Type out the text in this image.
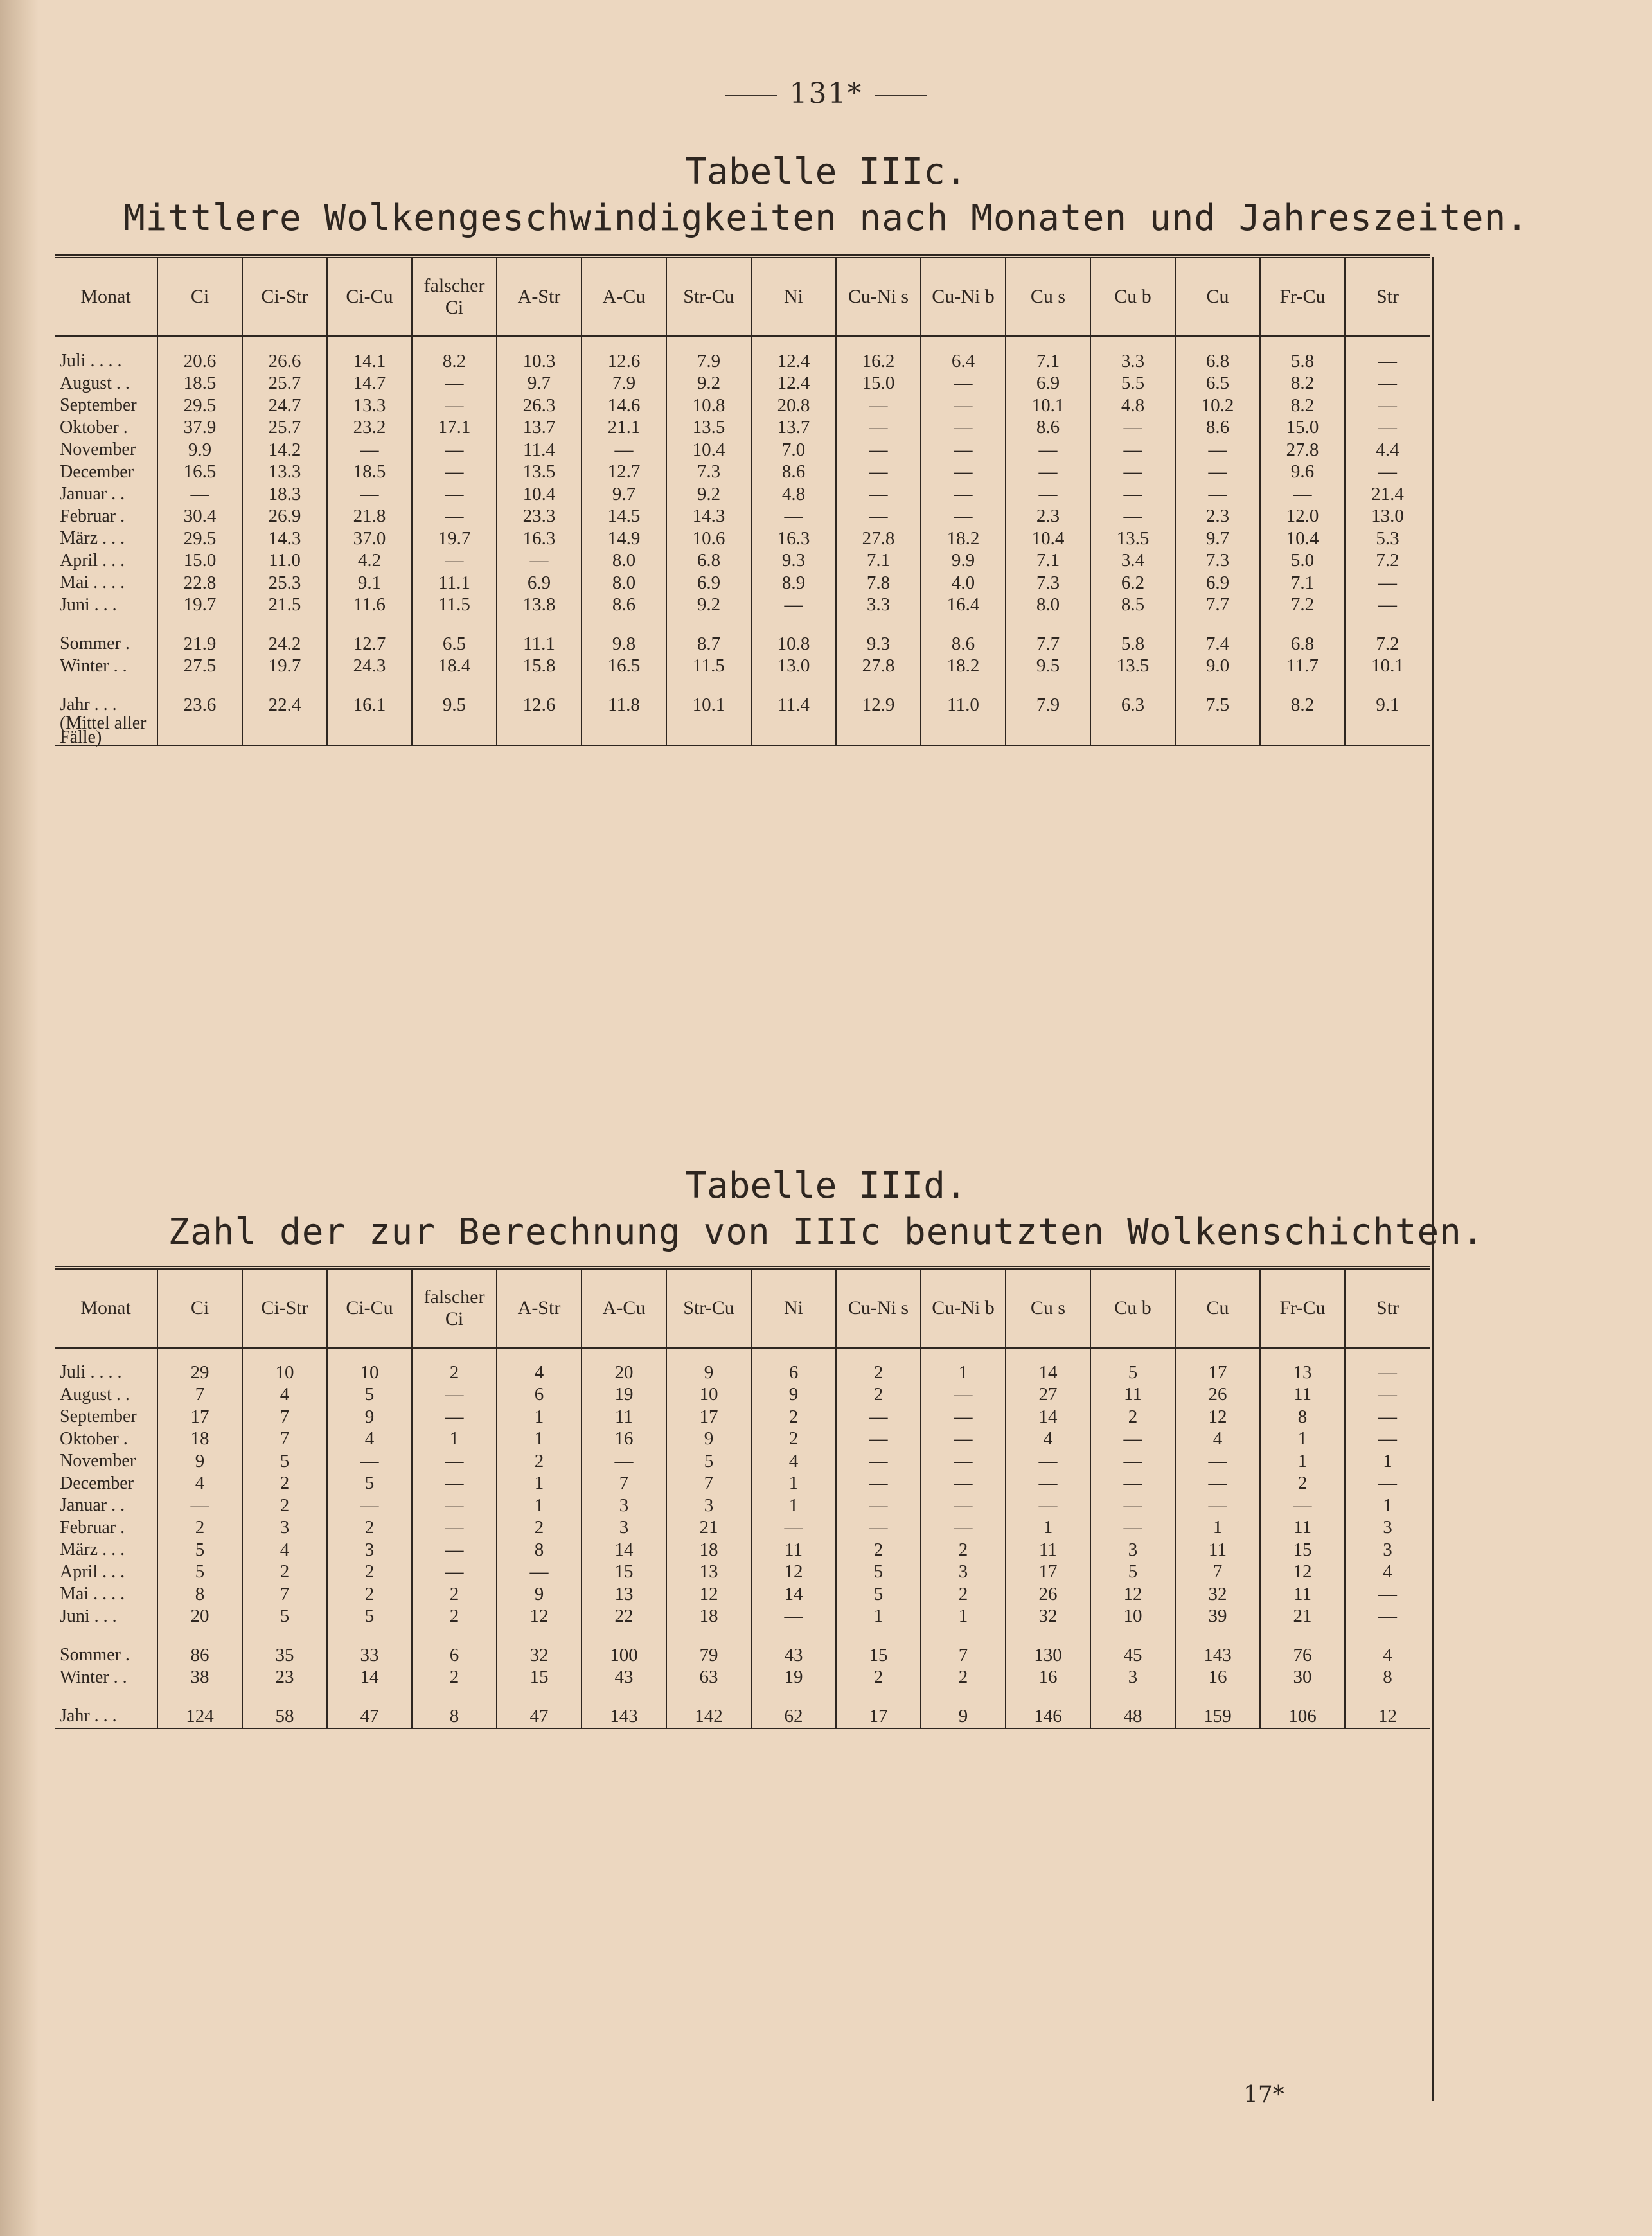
131*
Tabelle IIIc.
Mittlere Wolkengeschwindigkeiten nach Monaten und Jahreszeiten.
Monat	Ci	Ci-Str	Ci-Cu	falscher Ci	A-Str	A-Cu	Str-Cu	Ni	Cu-Ni s	Cu-Ni b	Cu s	Cu b	Cu	Fr-Cu	Str
Juli . . . .	20.6	26.6	14.1	8.2	10.3	12.6	7.9	12.4	16.2	6.4	7.1	3.3	6.8	5.8	—
August . .	18.5	25.7	14.7	—	9.7	7.9	9.2	12.4	15.0	—	6.9	5.5	6.5	8.2	—
September	29.5	24.7	13.3	—	26.3	14.6	10.8	20.8	—	—	10.1	4.8	10.2	8.2	—
Oktober .	37.9	25.7	23.2	17.1	13.7	21.1	13.5	13.7	—	—	8.6	—	8.6	15.0	—
November	9.9	14.2	—	—	11.4	—	10.4	7.0	—	—	—	—	—	27.8	4.4
December	16.5	13.3	18.5	—	13.5	12.7	7.3	8.6	—	—	—	—	—	9.6	—
Januar . .	—	18.3	—	—	10.4	9.7	9.2	4.8	—	—	—	—	—	—	21.4
Februar .	30.4	26.9	21.8	—	23.3	14.5	14.3	—	—	—	2.3	—	2.3	12.0	13.0
März . . .	29.5	14.3	37.0	19.7	16.3	14.9	10.6	16.3	27.8	18.2	10.4	13.5	9.7	10.4	5.3
April . . .	15.0	11.0	4.2	—	—	8.0	6.8	9.3	7.1	9.9	7.1	3.4	7.3	5.0	7.2
Mai . . . .	22.8	25.3	9.1	11.1	6.9	8.0	6.9	8.9	7.8	4.0	7.3	6.2	6.9	7.1	—
Juni . . .	19.7	21.5	11.6	11.5	13.8	8.6	9.2	—	3.3	16.4	8.0	8.5	7.7	7.2	—

Sommer .	21.9	24.2	12.7	6.5	11.1	9.8	8.7	10.8	9.3	8.6	7.7	5.8	7.4	6.8	7.2
Winter . .	27.5	19.7	24.3	18.4	15.8	16.5	11.5	13.0	27.8	18.2	9.5	13.5	9.0	11.7	10.1

Jahr . . .	23.6	22.4	16.1	9.5	12.6	11.8	10.1	11.4	12.9	11.0	7.9	6.3	7.5	8.2	9.1
(Mittel aller Fälle)															
Tabelle IIId.
Zahl der zur Berechnung von IIIc benutzten Wolkenschichten.
Monat	Ci	Ci-Str	Ci-Cu	falscher Ci	A-Str	A-Cu	Str-Cu	Ni	Cu-Ni s	Cu-Ni b	Cu s	Cu b	Cu	Fr-Cu	Str
Juli . . . .	29	10	10	2	4	20	9	6	2	1	14	5	17	13	—
August . .	7	4	5	—	6	19	10	9	2	—	27	11	26	11	—
September	17	7	9	—	1	11	17	2	—	—	14	2	12	8	—
Oktober .	18	7	4	1	1	16	9	2	—	—	4	—	4	1	—
November	9	5	—	—	2	—	5	4	—	—	—	—	—	1	1
December	4	2	5	—	1	7	7	1	—	—	—	—	—	2	—
Januar . .	—	2	—	—	1	3	3	1	—	—	—	—	—	—	1
Februar .	2	3	2	—	2	3	21	—	—	—	1	—	1	11	3
März . . .	5	4	3	—	8	14	18	11	2	2	11	3	11	15	3
April . . .	5	2	2	—	—	15	13	12	5	3	17	5	7	12	4
Mai . . . .	8	7	2	2	9	13	12	14	5	2	26	12	32	11	—
Juni . . .	20	5	5	2	12	22	18	—	1	1	32	10	39	21	—

Sommer .	86	35	33	6	32	100	79	43	15	7	130	45	143	76	4
Winter . .	38	23	14	2	15	43	63	19	2	2	16	3	16	30	8

Jahr . . .	124	58	47	8	47	143	142	62	17	9	146	48	159	106	12
17*
